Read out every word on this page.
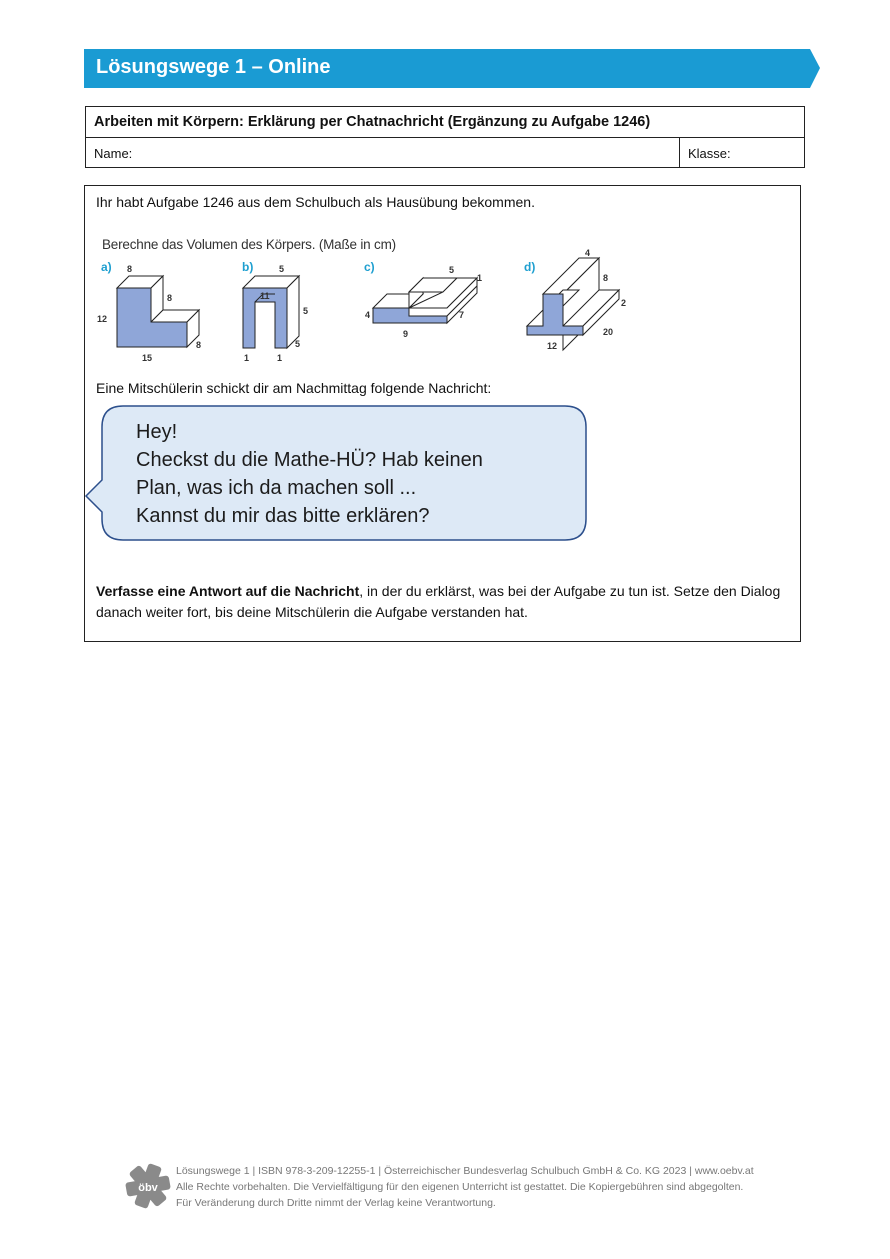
Lösungswege 1 – Online
Arbeiten mit Körpern: Erklärung per Chatnachricht (Ergänzung zu Aufgabe 1246)
Name:	Klasse:
Ihr habt Aufgabe 1246 aus dem Schulbuch als Hausübung bekommen.
Berechne das Volumen des Körpers. (Maße in cm)
a) 8
8
12
15
8
b)	5
11
5
5
1	1
c)	5
1
4
9
7
d)
4
8
2
20
12
Eine Mitschülerin schickt dir am Nachmittag folgende Nachricht:
Hey!
Checkst du die Mathe-HÜ? Hab keinen
Plan, was ich da machen soll ...
Kannst du mir das bitte erklären?
Verfasse eine Antwort auf die Nachricht, in der du erklärst, was bei der Aufgabe zu tun ist. Setze den Dialog danach weiter fort, bis deine Mitschülerin die Aufgabe verstanden hat.
öbv
Lösungswege 1 | ISBN 978-3-209-12255-1 | Österreichischer Bundesverlag Schulbuch GmbH & Co. KG 2023 | www.oebv.at
Alle Rechte vorbehalten. Die Vervielfältigung für den eigenen Unterricht ist gestattet. Die Kopiergebühren sind abgegolten.
Für Veränderung durch Dritte nimmt der Verlag keine Verantwortung.
